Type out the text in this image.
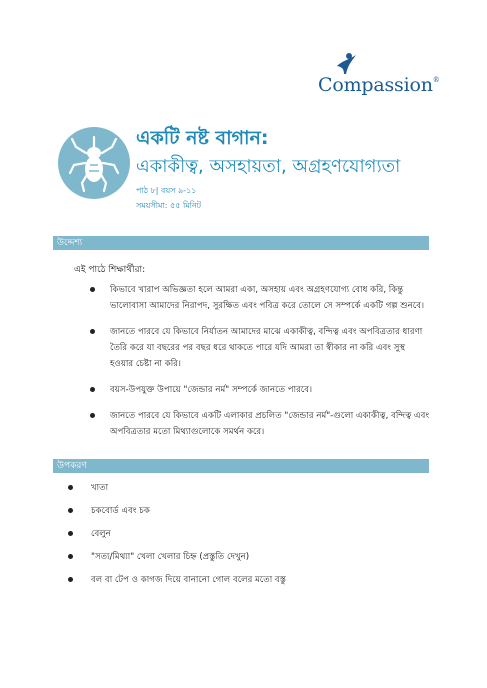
Compassion®
একটি নষ্ট বাগান:
একাকীত্ব, অসহায়তা, অগ্রহণযোগ্যতা
পাঠ ৮| বয়স ৯-১১
সময়সীমা: ৫৫ মিনিট
উদ্দেশ্য
এই পাঠে শিক্ষার্থীরা:
কিভাবে খারাপ অভিজ্ঞতা হলে আমরা একা, অসহায় এবং অগ্রহণযোগ্য বোধ করি, কিন্তু ভালোবাসা আমাদের নিরাপদ, সুরক্ষিত এবং পবিত্র করে তোলে সে সম্পর্কে একটি গল্প শুনবে।
জানতে পারবে যে কিভাবে নির্যাতন আমাদের মাঝে একাকীত্ব, বন্দিত্ব এবং অপবিত্রতার ধারণা তৈরি করে যা বছরের পর বছর ধরে থাকতে পারে যদি আমরা তা স্বীকার না করি এবং সুস্থ হওয়ার চেষ্টা না করি।
বয়স-উপযুক্ত উপায়ে "জেন্ডার নর্ম" সম্পর্কে জানতে পারবে।
জানতে পারবে যে কিভাবে একটি এলাকার প্রচলিত "জেন্ডার নর্ম"-গুলো একাকীত্ব, বন্দিত্ব এবং অপবিত্রতার মতো মিথ্যাগুলোকে সমর্থন করে।
উপকরণ
খাতা
চকবোর্ড এবং চক
বেলুন
"সত্য/মিথ্যা" খেলা খেলার চিহ্ন (প্রস্তুতি দেখুন)
বল বা টেপ ও কাগজ দিয়ে বানানো গোল বলের মতো বস্তু
